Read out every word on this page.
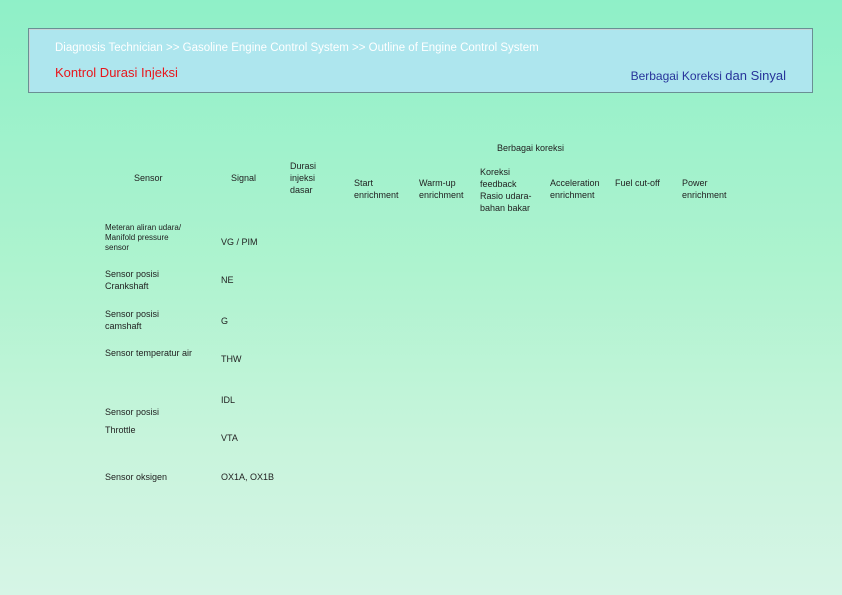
Diagnosis Technician >> Gasoline Engine Control System >> Outline of Engine Control System
Kontrol Durasi Injeksi	Berbagai Koreksi dan Sinyal
Berbagai koreksi
Sensor	Signal
Durasi
injeksi
dasar
Start
enrichment
Warm-up
enrichment
Koreksi
feedback
Rasio udara-
bahan bakar
Acceleration
enrichment
Fuel cut-off Power
enrichment
Meteran aliran udara/
Manifold pressure
sensor
Sensor posisi
Crankshaft
Sensor posisi
camshaft
Sensor temperatur air
Sensor posisi
Throttle
Sensor oksigen
VG / PIM
NE
G
THW
IDL
VTA
OX1A, OX1B
